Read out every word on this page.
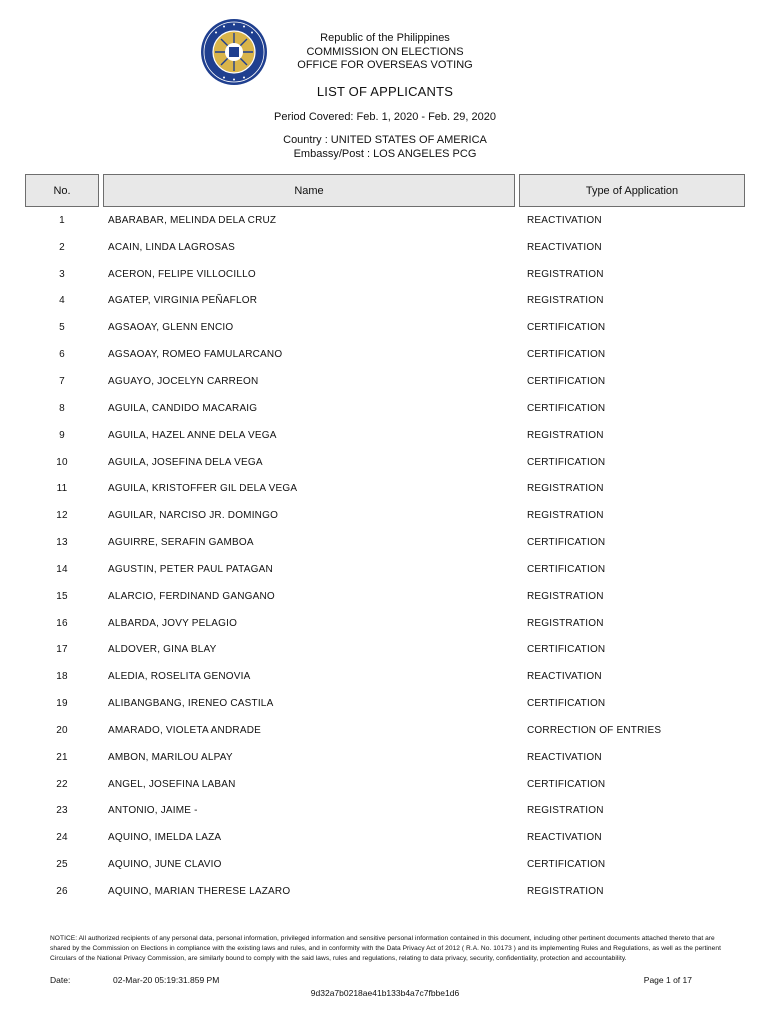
Republic of the Philippines
COMMISSION ON ELECTIONS
OFFICE FOR OVERSEAS VOTING
LIST OF APPLICANTS
Period Covered: Feb. 1, 2020 - Feb. 29, 2020
Country : UNITED STATES OF AMERICA
Embassy/Post : LOS ANGELES PCG
No.	Name	Type of Application
1	ABARABAR, MELINDA DELA CRUZ	REACTIVATION
2	ACAIN, LINDA LAGROSAS	REACTIVATION
3	ACERON, FELIPE VILLOCILLO	REGISTRATION
4	AGATEP, VIRGINIA PEÑAFLOR	REGISTRATION
5	AGSAOAY, GLENN ENCIO	CERTIFICATION
6	AGSAOAY, ROMEO FAMULARCANO	CERTIFICATION
7	AGUAYO, JOCELYN CARREON	CERTIFICATION
8	AGUILA, CANDIDO MACARAIG	CERTIFICATION
9	AGUILA, HAZEL ANNE DELA VEGA	REGISTRATION
10	AGUILA, JOSEFINA DELA VEGA	CERTIFICATION
11	AGUILA, KRISTOFFER GIL DELA VEGA	REGISTRATION
12	AGUILAR, NARCISO JR. DOMINGO	REGISTRATION
13	AGUIRRE, SERAFIN GAMBOA	CERTIFICATION
14	AGUSTIN, PETER PAUL PATAGAN	CERTIFICATION
15	ALARCIO, FERDINAND GANGANO	REGISTRATION
16	ALBARDA, JOVY PELAGIO	REGISTRATION
17	ALDOVER, GINA BLAY	CERTIFICATION
18	ALEDIA, ROSELITA GENOVIA	REACTIVATION
19	ALIBANGBANG, IRENEO CASTILA	CERTIFICATION
20	AMARADO, VIOLETA ANDRADE	CORRECTION OF ENTRIES
21	AMBON, MARILOU ALPAY	REACTIVATION
22	ANGEL, JOSEFINA LABAN	CERTIFICATION
23	ANTONIO, JAIME -	REGISTRATION
24	AQUINO, IMELDA LAZA	REACTIVATION
25	AQUINO, JUNE CLAVIO	CERTIFICATION
26	AQUINO, MARIAN THERESE LAZARO	REGISTRATION
NOTICE: All authorized recipients of any personal data, personal information, privileged information and sensitive personal information contained in this document, including other pertinent documents attached thereto that are shared by the Commission on Elections in compliance with the existing laws and rules, and in conformity with the Data Privacy Act of 2012 ( R.A. No. 10173 ) and its implementing Rules and Regulations, as well as the pertinent Circulars of the National Privacy Commission, are similarly bound to comply with the said laws, rules and regulations, relating to data privacy, security, confidentiality, protection and accountability.
Date:	02-Mar-20 05:19:31.859 PM	Page 1 of 17
9d32a7b0218ae41b133b4a7c7fbbe1d6
